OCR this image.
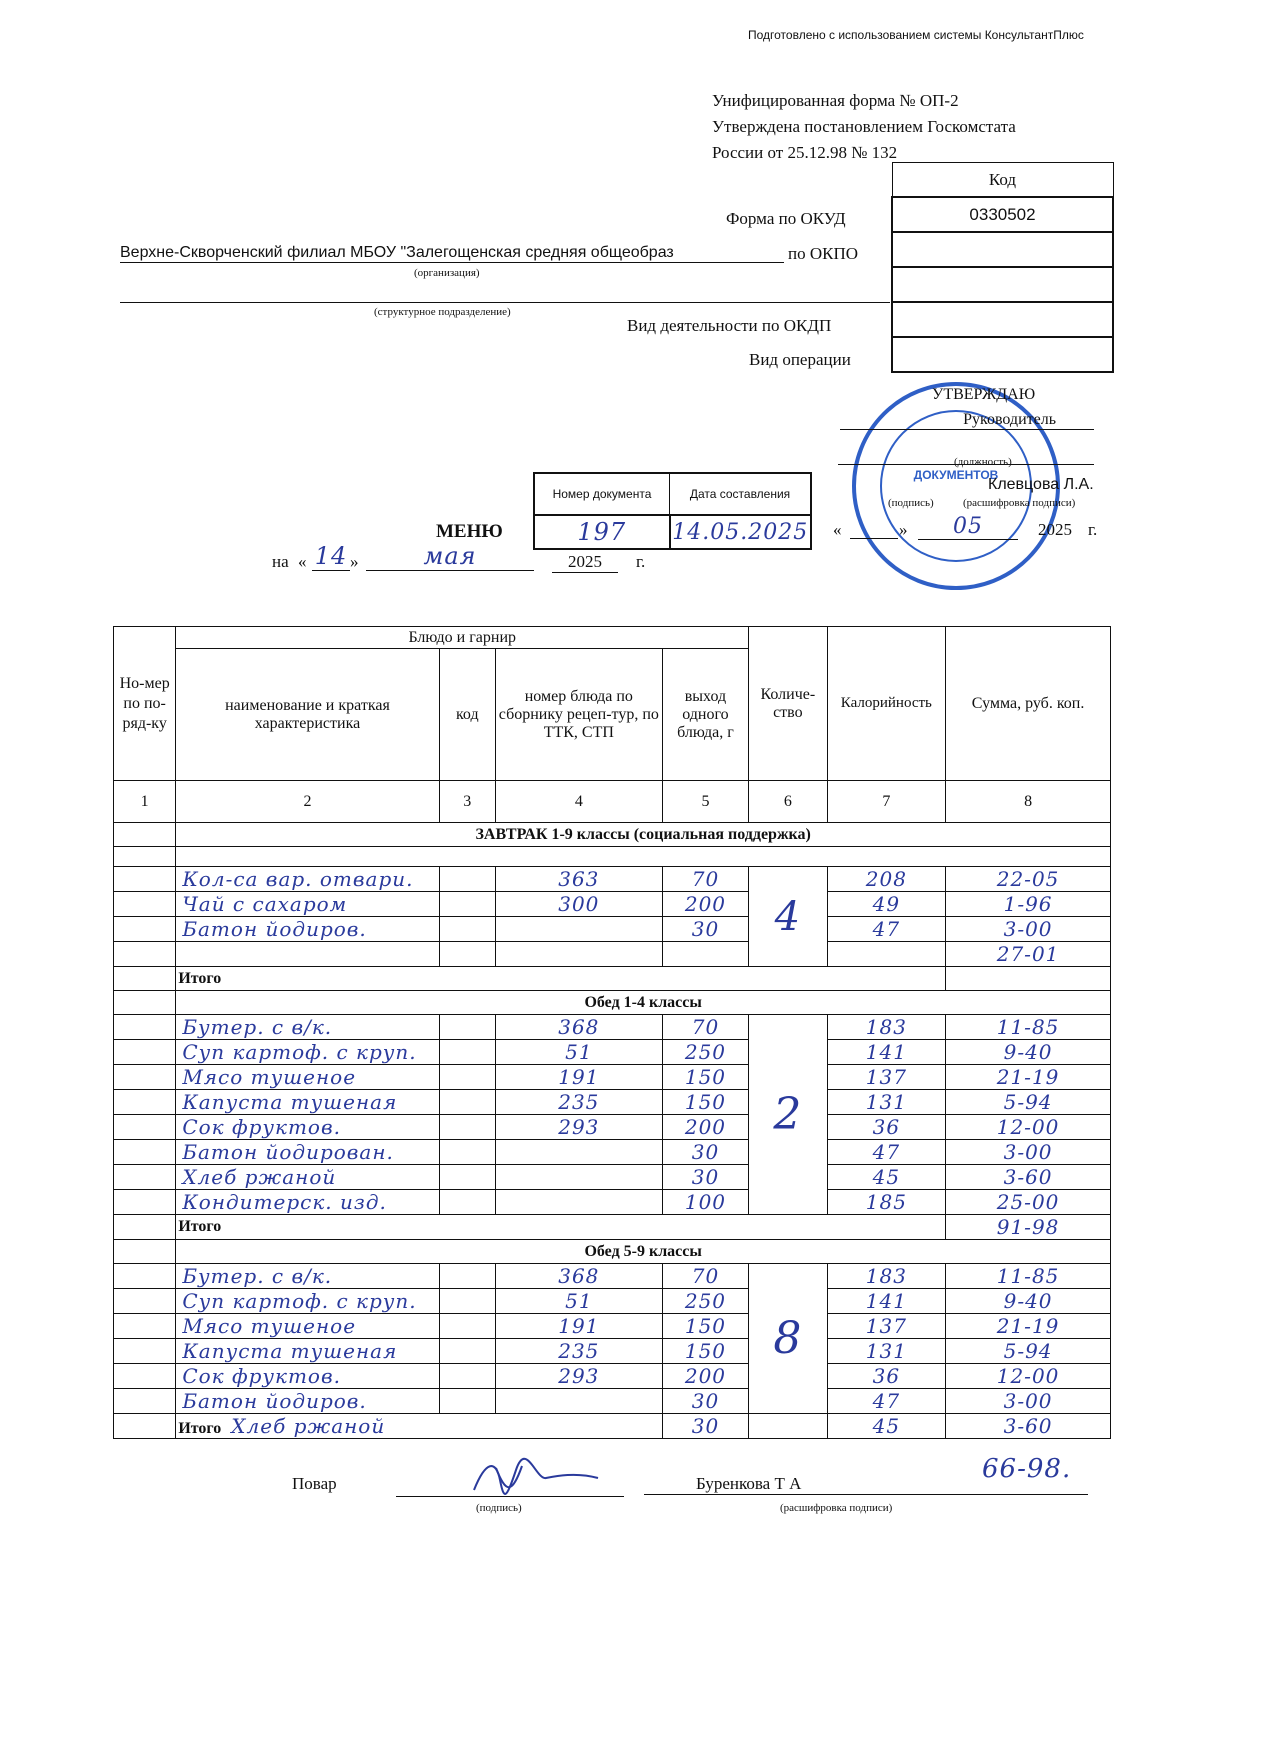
Подготовлено с использованием системы КонсультантПлюс
Унифицированная форма № ОП-2
Утверждена постановлением Госкомстата
России от 25.12.98 № 132
Код
0330502

Форма по ОКУД
Верхне-Скворченский филиал МБОУ "Залегощенская средняя общеобраз	по ОКПО
(организация)
(структурное подразделение)
Вид деятельности по ОКДП
Вид операции
ДОКУМЕНТОВ
УТВЕРЖДАЮ
Руководитель
(должность)
Клевцова Л.А.
(подпись)	(расшифровка подписи)
«	»	05	2025 г.
Номер документа	Дата составления
197	14.05.2025
МЕНЮ
на « 14 »	мая	2025	г.
Но-мер по по-ряд-ку	Блюдо и гарнир				Количе-ство	Калорийность	Сумма, руб. коп.
	наименование и краткая характеристика	код	номер блюда по сборнику рецеп-тур, по ТТК, СТП	выход одного блюда, г			
1	2	3	4	5	6	7	8
	ЗАВТРАК 1-9 классы (социальная поддержка)						

	Кол-са вар. отвари.		363	70	4	208	22-05
	Чай с сахаром		300	200		49	1-96
	Батон йодиров.			30		47	3-00
							27-01
	Итого						
	Обед 1-4 классы						
	Бутер. с в/к.		368	70	2	183	11-85
	Суп картоф. с круп.		51	250		141	9-40
	Мясо тушеное		191	150		137	21-19
	Капуста тушеная		235	150		131	5-94
	Сок фруктов.		293	200		36	12-00
	Батон йодирован.			30		47	3-00
	Хлеб ржаной			30		45	3-60
	Кондитерск. изд.			100		185	25-00
	Итого						91-98
	Обед 5-9 классы						
	Бутер. с в/к.		368	70	8	183	11-85
	Суп картоф. с круп.		51	250		141	9-40
	Мясо тушеное		191	150		137	21-19
	Капуста тушеная		235	150		131	5-94
	Сок фруктов.		293	200		36	12-00
	Батон йодиров.			30		47	3-00
	Итого Хлеб ржаной			30		45	3-60
66-98.
Повар
(подпись)
Буренкова Т А
(расшифровка подписи)
